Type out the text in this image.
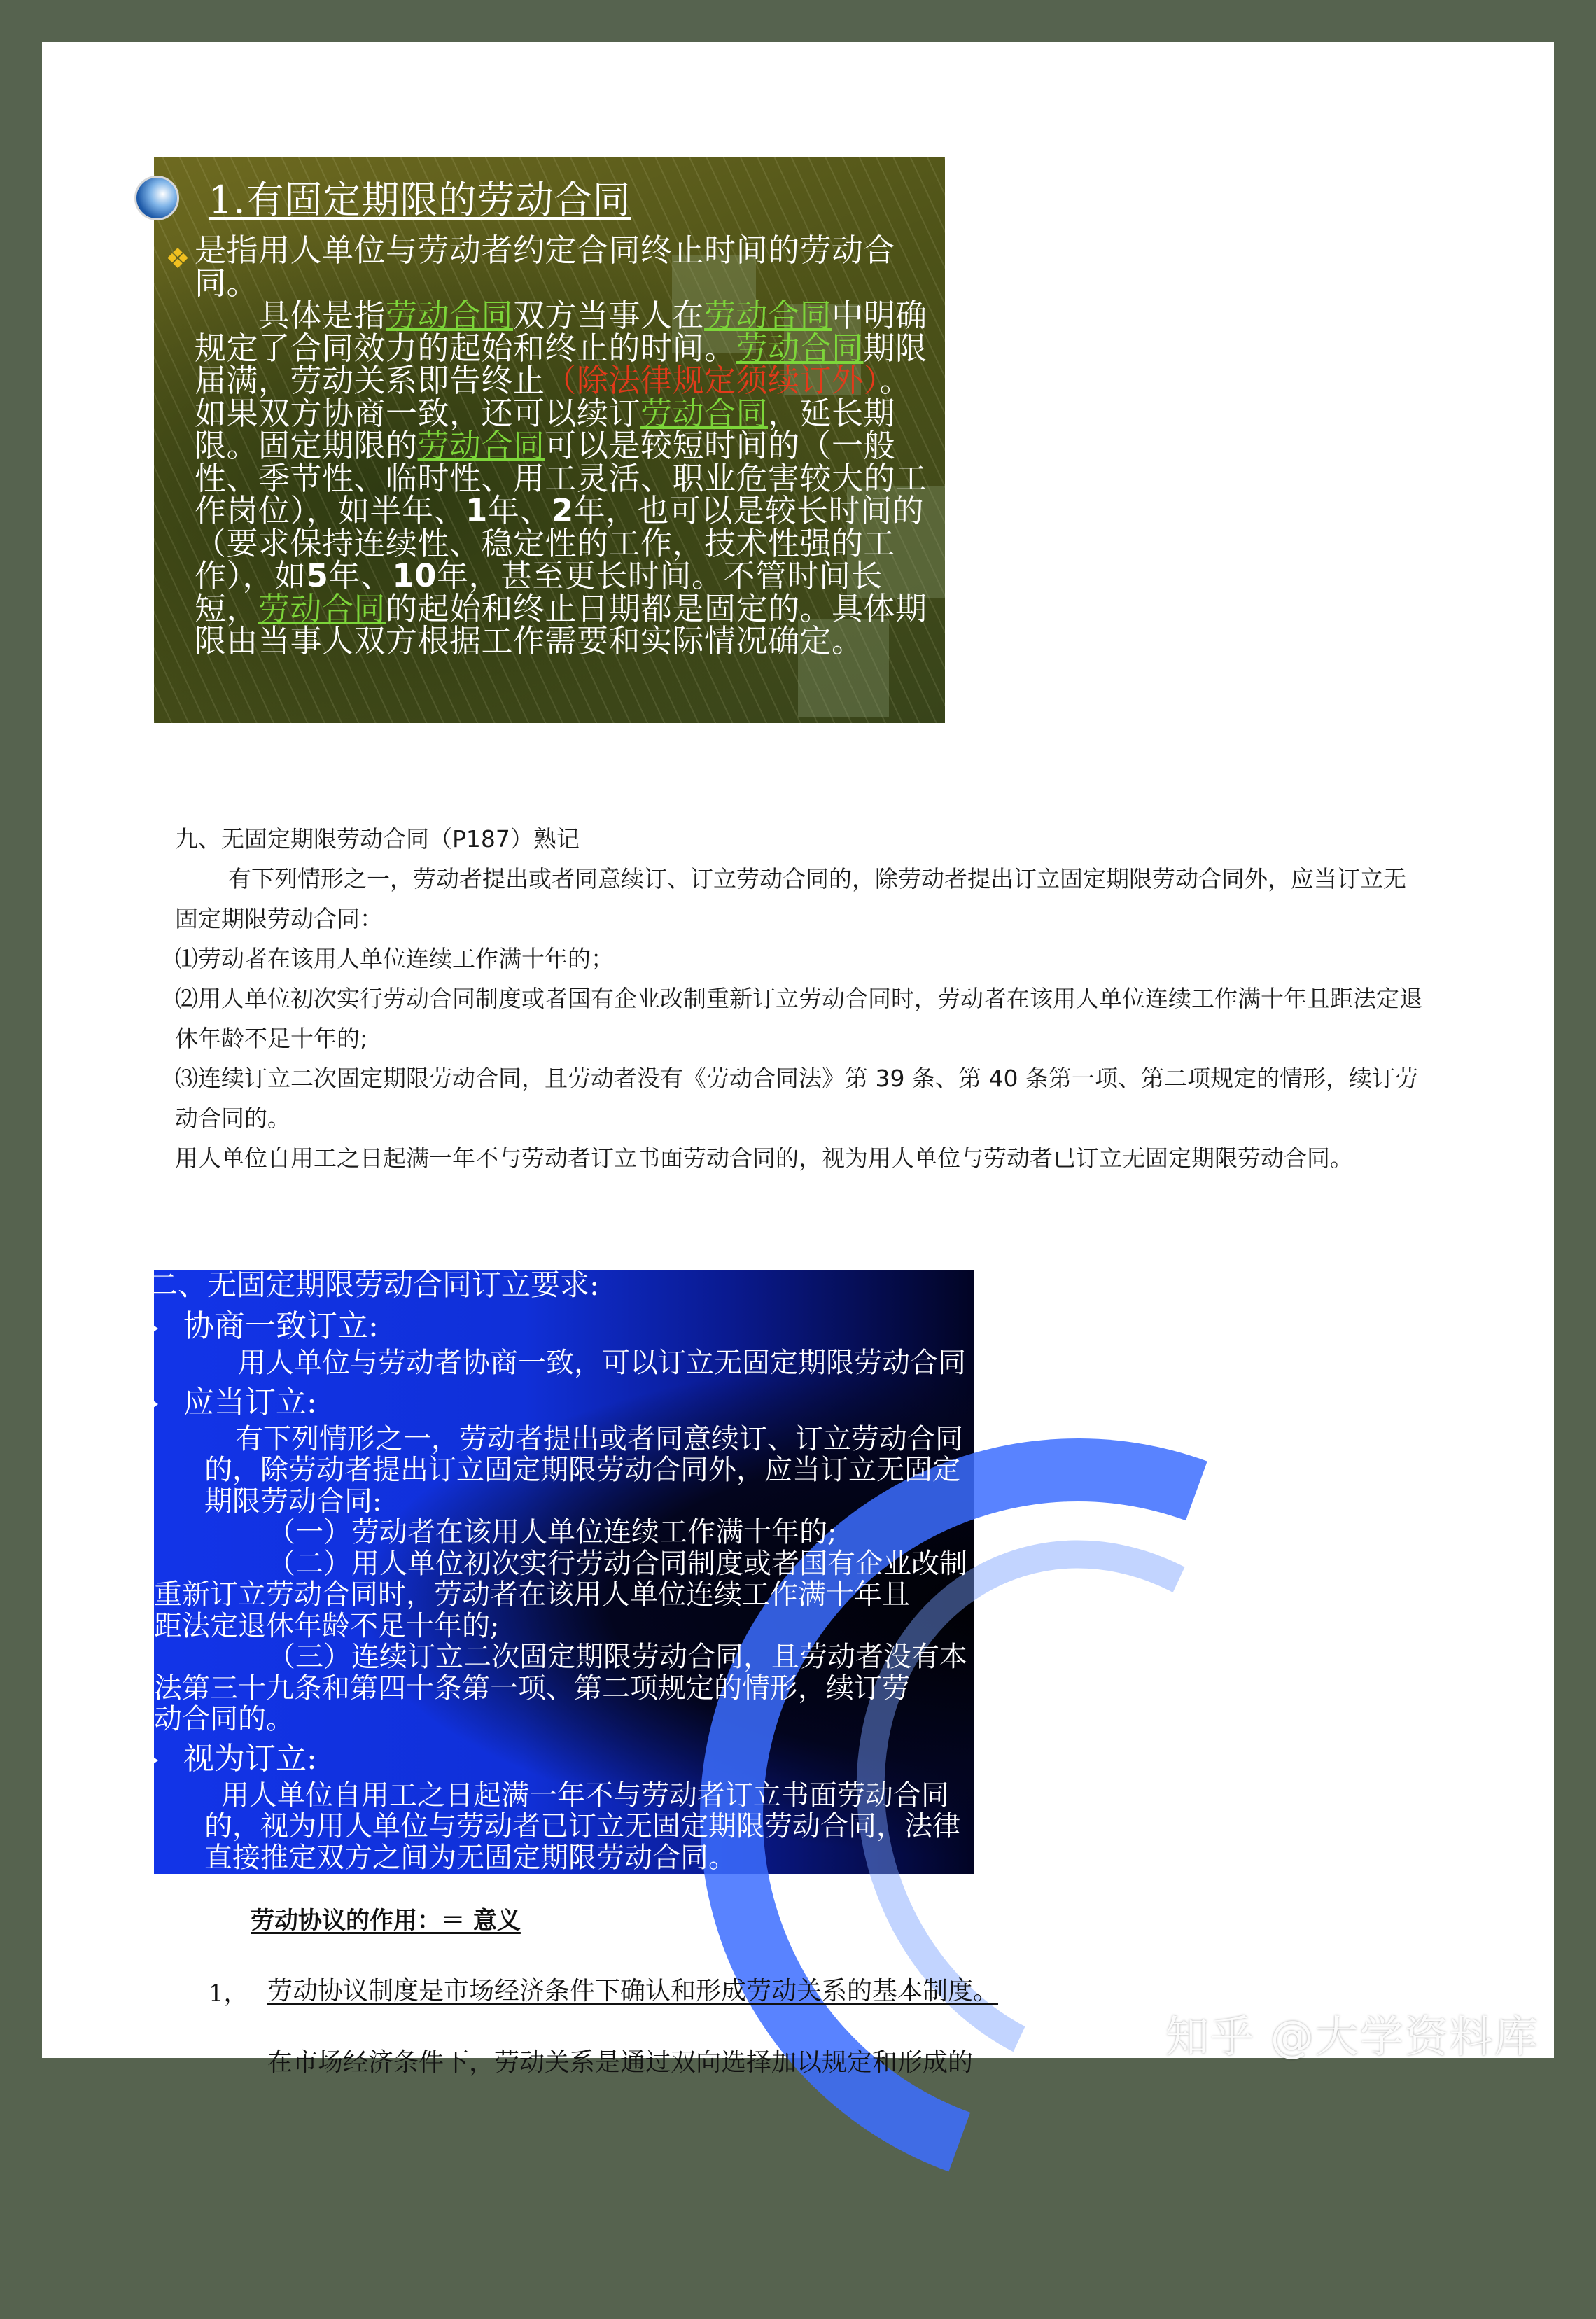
1.有固定期限的劳动合同
❖ 是指用人单位与劳动者约定合同终止时间的劳动合同。
　　具体是指劳动合同双方当事人在劳动合同中明确规定了合同效力的起始和终止的时间。劳动合同期限届满，劳动关系即告终止（除法律规定须续订外）。如果双方协商一致，还可以续订劳动合同，延长期限。固定期限的劳动合同可以是较短时间的（一般性、季节性、临时性、用工灵活、职业危害较大的工作岗位），如半年、1年、2年，也可以是较长时间的（要求保持连续性、稳定性的工作，技术性强的工作），如5年、10年，甚至更长时间。不管时间长短，劳动合同的起始和终止日期都是固定的。具体期限由当事人双方根据工作需要和实际情况确定。

九、无固定期限劳动合同（P187）熟记

有下列情形之一，劳动者提出或者同意续订、订立劳动合同的，除劳动者提出订立固定期限劳动合同外，应当订立无固定期限劳动合同：

⑴劳动者在该用人单位连续工作满十年的；

⑵用人单位初次实行劳动合同制度或者国有企业改制重新订立劳动合同时，劳动者在该用人单位连续工作满十年且距法定退休年龄不足十年的;

⑶连续订立二次固定期限劳动合同，且劳动者没有《劳动合同法》第 39 条、第 40 条第一项、第二项规定的情形，续订劳动合同的。

用人单位自用工之日起满一年不与劳动者订立书面劳动合同的，视为用人单位与劳动者已订立无固定期限劳动合同。

二、无固定期限劳动合同订立要求:

协商一致订立:

用人单位与劳动者协商一致，可以订立无固定期限劳动合同

应当订立:

有下列情形之一，劳动者提出或者同意续订、订立劳动合同

的，除劳动者提出订立固定期限劳动合同外，应当订立无固定

期限劳动合同:

（一）劳动者在该用人单位连续工作满十年的;

（二）用人单位初次实行劳动合同制度或者国有企业改制

重新订立劳动合同时，劳动者在该用人单位连续工作满十年且

距法定退休年龄不足十年的;

（三）连续订立二次固定期限劳动合同，且劳动者没有本

法第三十九条和第四十条第一项、第二项规定的情形，续订劳

动合同的。

视为订立:

用人单位自用工之日起满一年不与劳动者订立书面劳动合同

的，视为用人单位与劳动者已订立无固定期限劳动合同，法律

直接推定双方之间为无固定期限劳动合同。

劳动协议的作用：＝ 意义
1， 劳动协议制度是市场经济条件下确认和形成劳动关系的基本制度。
在市场经济条件下，劳动关系是通过双向选择加以规定和形成的
知乎 @大学资料库
